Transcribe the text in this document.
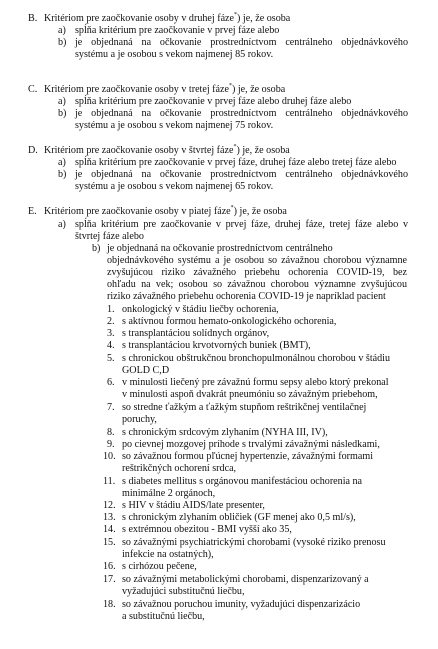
B. Kritériom pre zaočkovanie osoby v druhej fáze*) je, že osoba
a) spĺňa kritérium pre zaočkovanie v prvej fáze alebo
b) je objednaná na očkovanie prostredníctvom centrálneho objednávkového
systému a je osobou s vekom najmenej 85 rokov.
C. Kritériom pre zaočkovanie osoby v tretej fáze*) je, že osoba
a) spĺňa kritérium pre zaočkovanie v prvej fáze alebo druhej fáze alebo
b) je objednaná na očkovanie prostredníctvom centrálneho objednávkového
systému a je osobou s vekom najmenej 75 rokov.
D. Kritériom pre zaočkovanie osoby v štvrtej fáze*) je, že osoba
a) spĺňa kritérium pre zaočkovanie v prvej fáze, druhej fáze alebo tretej fáze alebo
b) je objednaná na očkovanie prostredníctvom centrálneho objednávkového
systému a je osobou s vekom najmenej 65 rokov.
E. Kritériom pre zaočkovanie osoby v piatej fáze*) je, že osoba
a) spĺňa kritérium pre zaočkovanie v prvej fáze, druhej fáze, tretej fáze alebo v
štvrtej fáze alebo
b) je objednaná na očkovanie prostredníctvom centrálneho
objednávkového systému a je osobou so závažnou chorobou významne
zvyšujúcou riziko závažného priebehu ochorenia COVID-19, bez
ohľadu na vek; osobou so závažnou chorobou významne zvyšujúcou
riziko závažného priebehu ochorenia COVID-19 je napríklad pacient
1. onkologický v štádiu liečby ochorenia,
2. s aktívnou formou hemato-onkologického ochorenia,
3. s transplantáciou solídnych orgánov,
4. s transplantáciou krvotvorných buniek (BMT),
5. s chronickou obštrukčnou bronchopulmonálnou chorobou v štádiu
GOLD C,D
6. v minulosti liečený pre závažnú formu sepsy alebo ktorý prekonal
v minulosti aspoň dvakrát pneumóniu so závažným priebehom,
7. so stredne ťažkým a ťažkým stupňom reštrikčnej ventilačnej
poruchy,
8. s chronickým srdcovým zlyhaním (NYHA III, IV),
9. po cievnej mozgovej príhode s trvalými závažnými následkami,
10. so závažnou formou pľúcnej hypertenzie, závažnými formami
reštrikčných ochorení srdca,
11. s diabetes mellitus s orgánovou manifestáciou ochorenia na
minimálne 2 orgánoch,
12. s HIV v štádiu AIDS/late presenter,
13. s chronickým zlyhaním obličiek (GF menej ako 0,5 ml/s),
14. s extrémnou obezitou - BMI vyšší ako 35,
15. so závažnými psychiatrickými chorobami (vysoké riziko prenosu
infekcie na ostatných),
16. s cirhózou pečene,
17. so závažnými metabolickými chorobami, dispenzarizovaný a
vyžadujúci substitučnú liečbu,
18. so závažnou poruchou imunity, vyžadujúci dispenzarizácio
a substitučnú liečbu,
